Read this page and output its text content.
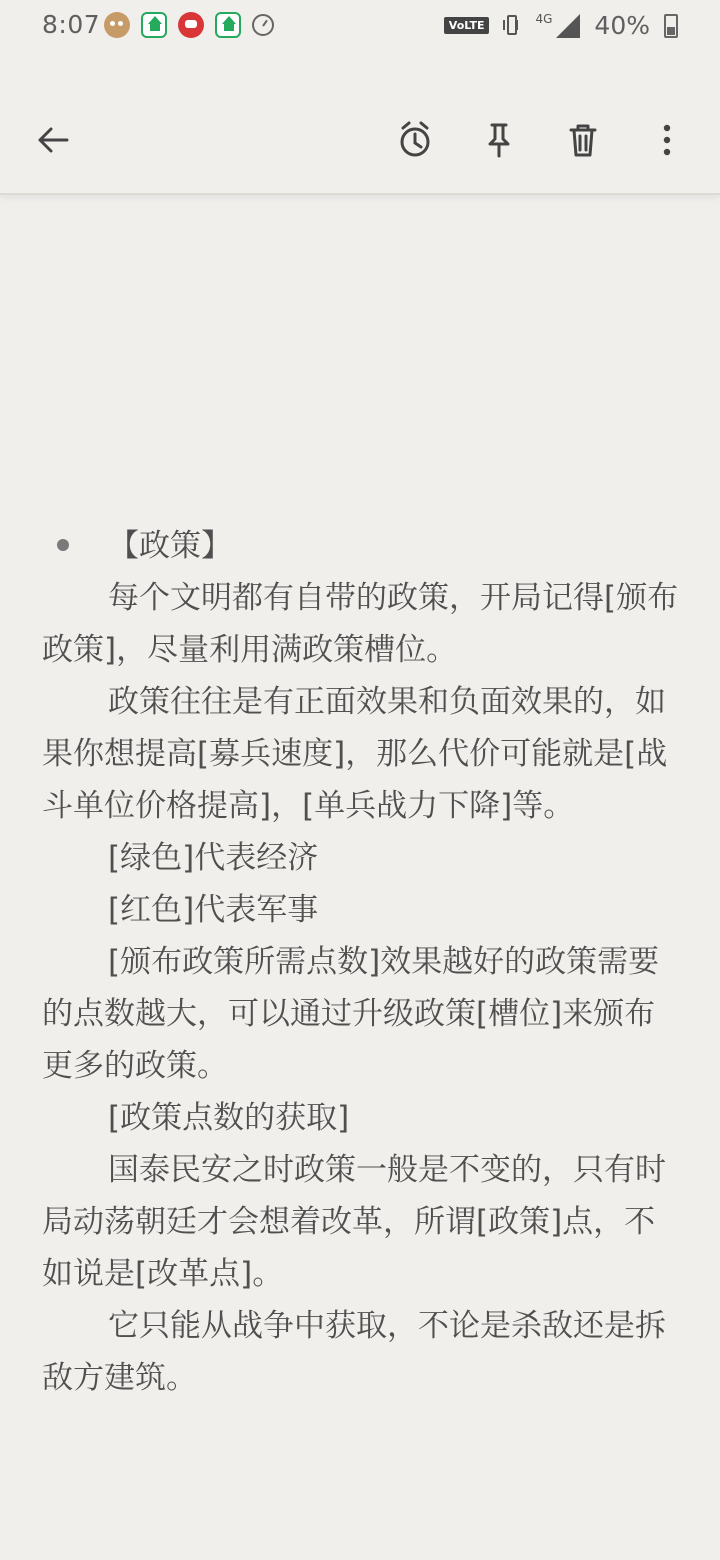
8:07	VoLTE	4G 40%
【政策】

每个文明都有自带的政策，开局记得[颁布政策]，尽量利用满政策槽位。

政策往往是有正面效果和负面效果的，如果你想提高[募兵速度]，那么代价可能就是[战斗单位价格提高]，[单兵战力下降]等。

[绿色]代表经济

[红色]代表军事

[颁布政策所需点数]效果越好的政策需要的点数越大，可以通过升级政策[槽位]来颁布更多的政策。

[政策点数的获取]

国泰民安之时政策一般是不变的，只有时局动荡朝廷才会想着改革，所谓[政策]点，不如说是[改革点]。

它只能从战争中获取，不论是杀敌还是拆敌方建筑。
